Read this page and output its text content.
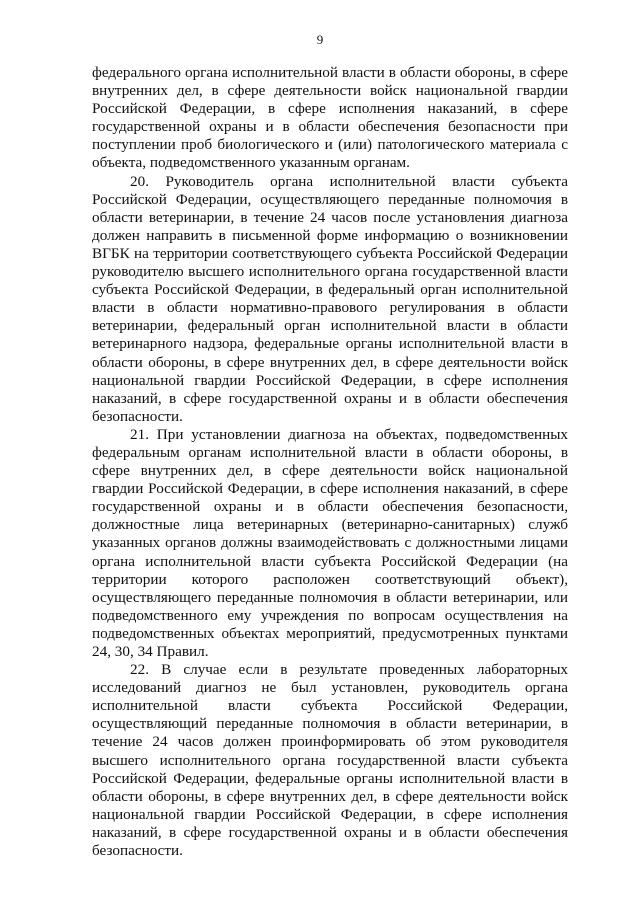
9

федерального органа исполнительной власти в области обороны, в сфере внутренних дел, в сфере деятельности войск национальной гвардии Российской Федерации, в сфере исполнения наказаний, в сфере государственной охраны и в области обеспечения безопасности при поступлении проб биологического и (или) патологического материала с объекта, подведомственного указанным органам.

20. Руководитель органа исполнительной власти субъекта Российской Федерации, осуществляющего переданные полномочия в области ветеринарии, в течение 24 часов после установления диагноза должен направить в письменной форме информацию о возникновении ВГБК на территории соответствующего субъекта Российской Федерации руководителю высшего исполнительного органа государственной власти субъекта Российской Федерации, в федеральный орган исполнительной власти в области нормативно-правового регулирования в области ветеринарии, федеральный орган исполнительной власти в области ветеринарного надзора, федеральные органы исполнительной власти в области обороны, в сфере внутренних дел, в сфере деятельности войск национальной гвардии Российской Федерации, в сфере исполнения наказаний, в сфере государственной охраны и в области обеспечения безопасности.

21. При установлении диагноза на объектах, подведомственных федеральным органам исполнительной власти в области обороны, в сфере внутренних дел, в сфере деятельности войск национальной гвардии Российской Федерации, в сфере исполнения наказаний, в сфере государственной охраны и в области обеспечения безопасности, должностные лица ветеринарных (ветеринарно-санитарных) служб указанных органов должны взаимодействовать с должностными лицами органа исполнительной власти субъекта Российской Федерации (на территории которого расположен соответствующий объект), осуществляющего переданные полномочия в области ветеринарии, или подведомственного ему учреждения по вопросам осуществления на подведомственных объектах мероприятий, предусмотренных пунктами 24, 30, 34 Правил.

22. В случае если в результате проведенных лабораторных исследований диагноз не был установлен, руководитель органа исполнительной власти субъекта Российской Федерации, осуществляющий переданные полномочия в области ветеринарии, в течение 24 часов должен проинформировать об этом руководителя высшего исполнительного органа государственной власти субъекта Российской Федерации, федеральные органы исполнительной власти в области обороны, в сфере внутренних дел, в сфере деятельности войск национальной гвардии Российской Федерации, в сфере исполнения наказаний, в сфере государственной охраны и в области обеспечения безопасности.
